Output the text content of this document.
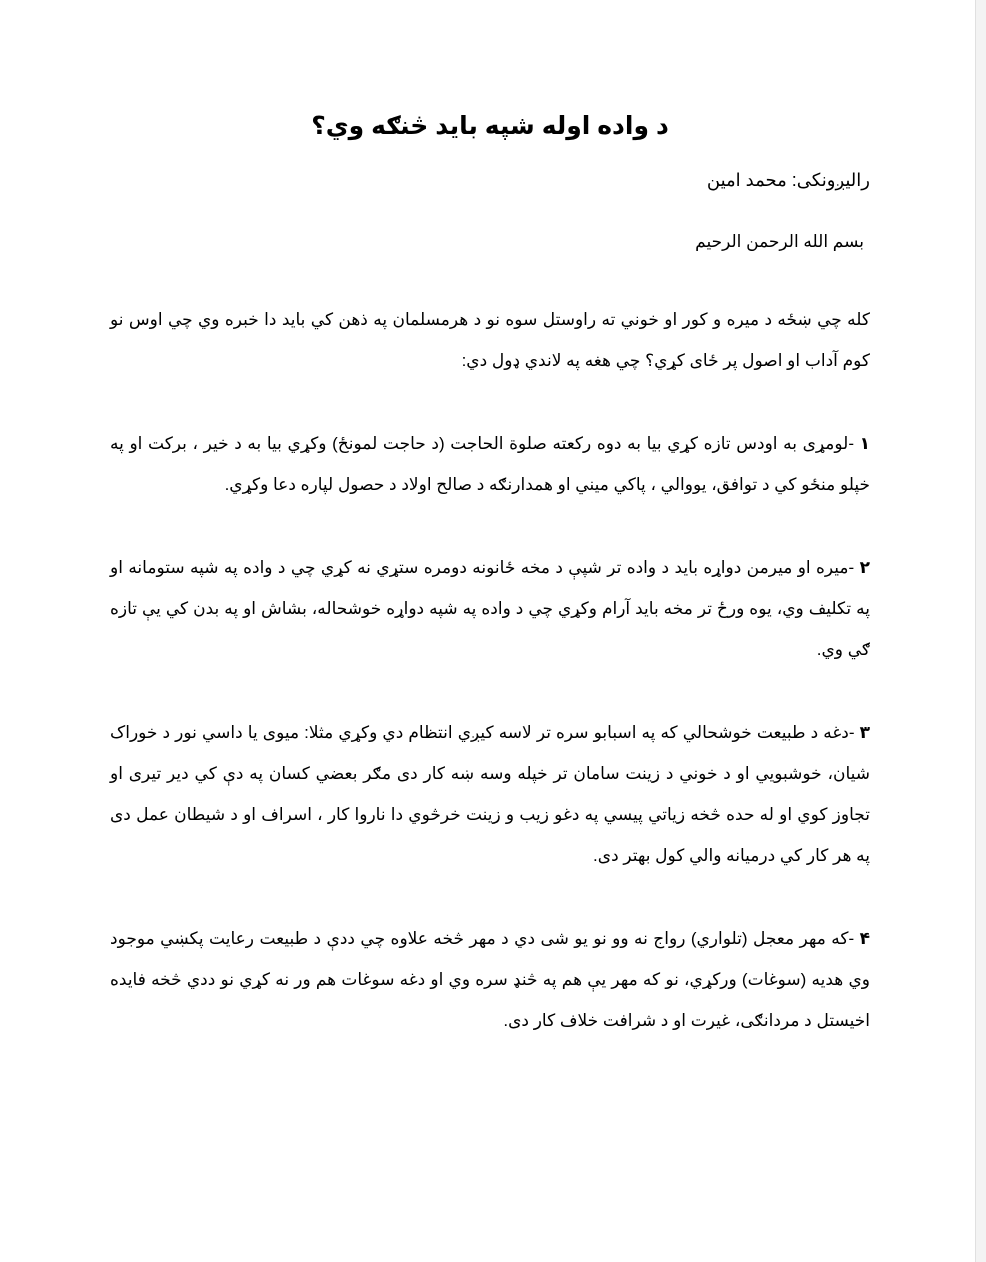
د واده اوله شپه باید څنګه وي؟
راليږونکی: محمد امين
بسم الله الرحمن الرحيم

کله چي ښځه د میره و کور او خوني ته راوستل سوه نو د هرمسلمان په ذهن کي بايد دا خبره وي چي اوس نو کوم آداب او اصول پر ځای کړي؟ چي هغه په لاندي ډول دي:

۱ -لومړی به اودس تازه کړي بيا به دوه رکعته صلوة الحاجت (د حاجت لمونځ) وکړي بيا به د خير ، برکت او په خپلو منځو کي د توافق، يووالي ، پاکي ميني او همدارنګه د صالح اولاد د حصول لپاره دعا وکړي.

۲ -ميره او ميرمن دواړه بايد د واده تر شپې د مخه ځانونه دومره ستړي نه کړي چي د واده په شپه ستومانه او په تکليف وي، يوه ورځ تر مخه بايد آرام وکړي چي د واده په شپه دواړه خوشحاله، بشاش او په بدن کي يې تازه ګي وي.

۳ -دغه د طبيعت خوشحالي که په اسبابو سره تر لاسه کيږي انتظام دي وکړي مثلا: ميوی يا داسي نور د خوراک شيان، خوشبويي او د خوني د زينت سامان تر خپله وسه ښه کار دی مګر بعضي کسان په دې کي دير تيری او تجاوز کوي او له حده څخه زياتي پيسي په دغو زيب و زينت خرڅوي دا ناروا کار ، اسراف او د شيطان عمل دی په هر کار کي درميانه والي کول بهتر دی.

۴ -که مهر معجل (تلواري) رواج نه وو نو يو شی دي د مهر څخه علاوه چي ددې د طبيعت رعايت پکښي موجود وي هديه (سوغات) ورکړي، نو که مهر يې هم په څنډ سره وي او دغه سوغات هم ور نه کړي نو ددي څخه فايده اخيستل د مردانګی، غيرت او د شرافت خلاف کار دی.
